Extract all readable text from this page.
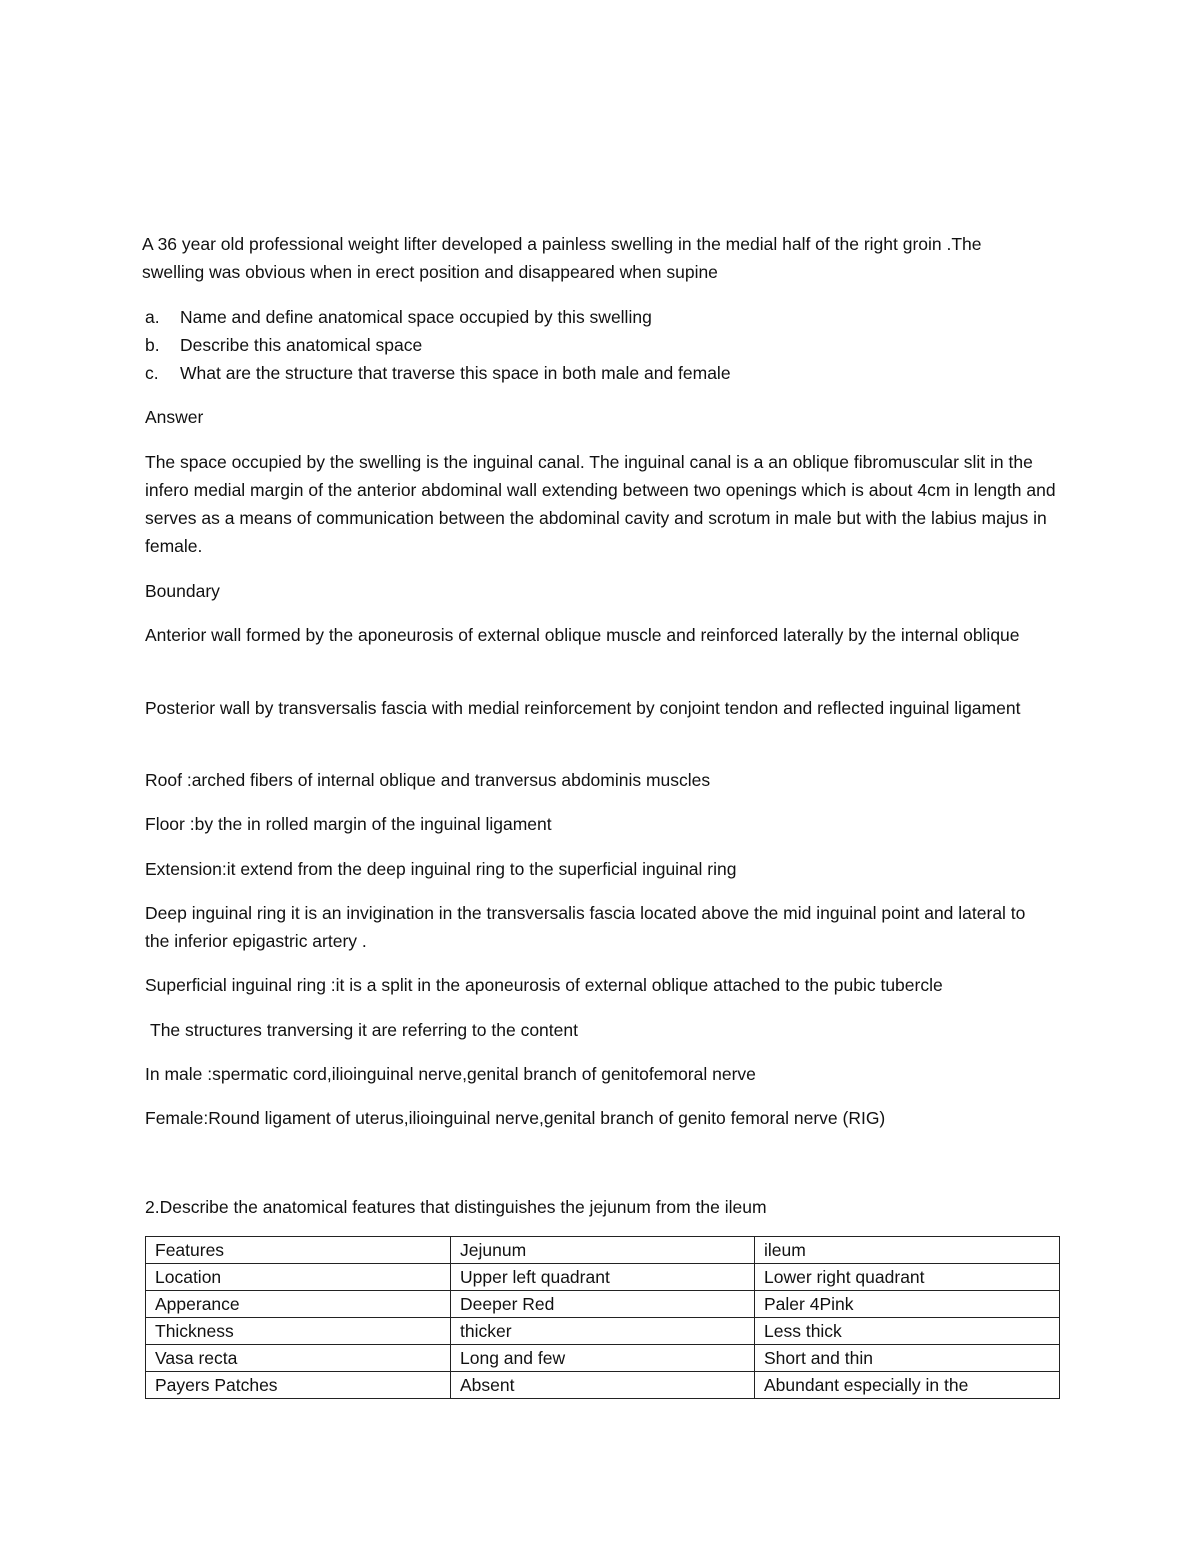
A 36 year old professional weight lifter developed a painless swelling in the medial half of the right groin .The swelling was obvious when in erect position and disappeared when supine

a.	Name and define anatomical space occupied by this swelling
b.	Describe this anatomical space
c.	What are the structure that traverse this space in both male and female

Answer

The space occupied by the swelling is the inguinal canal. The inguinal canal is a an oblique fibromuscular slit in the infero medial margin of the anterior abdominal wall extending between two openings which is about 4cm in length and serves as a means of communication between the abdominal cavity and scrotum in male but with the labius majus in female.

Boundary

Anterior wall formed by the aponeurosis of external oblique muscle and reinforced laterally by the internal oblique

Posterior wall by transversalis fascia with medial reinforcement by conjoint tendon and reflected inguinal ligament

Roof :arched fibers of internal oblique and tranversus abdominis muscles

Floor :by the in rolled margin of the inguinal ligament

Extension:it extend from the deep inguinal ring to the superficial inguinal ring

Deep inguinal ring it is an invigination in the transversalis fascia located above the mid inguinal point and lateral to the inferior epigastric artery .

Superficial inguinal ring :it is a split in the aponeurosis of external oblique attached to the pubic tubercle

The structures tranversing it are referring to the content

In male :spermatic cord,ilioinguinal nerve,genital branch of genitofemoral nerve

Female:Round ligament of uterus,ilioinguinal nerve,genital branch of genito femoral nerve (RIG)

2.Describe the anatomical features that distinguishes the jejunum from the ileum

Features	Jejunum	ileum
Location	Upper left quadrant	Lower right quadrant
Apperance	Deeper Red	Paler 4Pink
Thickness	thicker	Less thick
Vasa recta	Long and few	Short and thin
Payers Patches	Absent	Abundant especially in the
